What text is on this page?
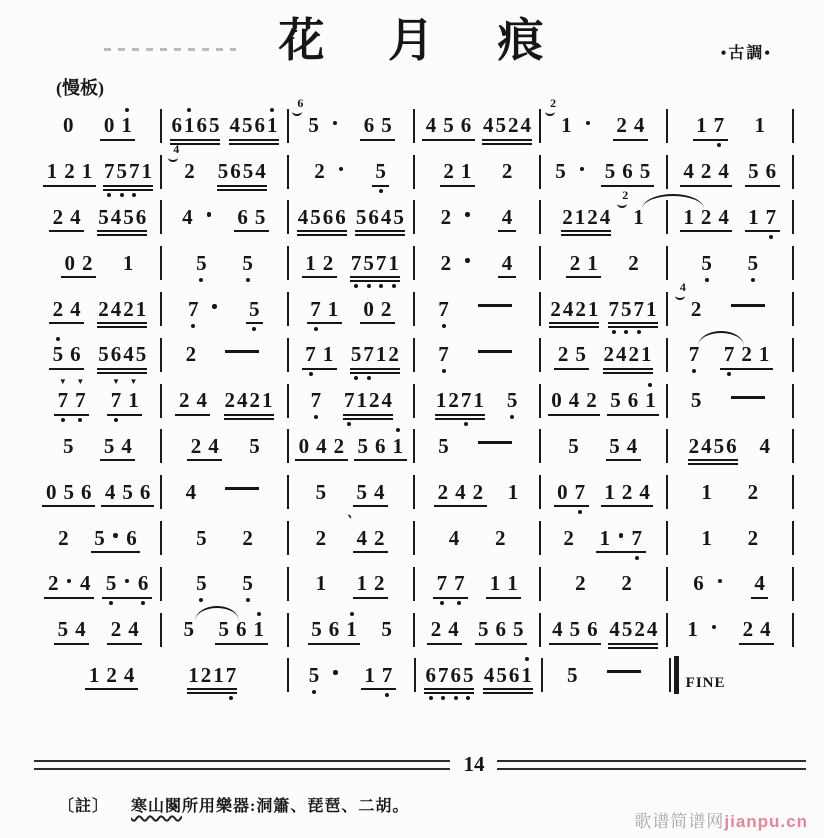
花 月 痕	•古調•
(慢板)
0 0 1 61
65 4561 5
6
6 5 4 5 6 4524 1
2
2 4 1 7 1
1 2 1 7
5
7
1 2
4
5654 2	5	2 1 2 5	5 6 5 4 2 4 5 6
2 4 5456 4	6 5 4566 5645 2	4 2124 1
2
1 2 4 1 7
0 2 1	5 5 1 2 7
5
7
1 2	4	2 1 2	5 5
2 4 2421 7	5 7 1 0 2 7	2421 7
5
7
1 2
4
5 6 5645 2	7 1 5
7
12 7	2 5 2421 7 7 2 1
7
▼
7
▼
7
▼
1
▼
2 4 2421 7 7
124 127
1 5 0 4 2 5 6 1 5
5 5 4	2 4 5 0 4 2 5 6 1 5	5 5 4 2456 4
0 5 6 4 5 6 4	5 5 4	2 4 2 1 0 7 1 2 4 1 2
2 5 6	5 2	2 4 2
‵
4 2	2 1 7	1 2
2 4 5 6 5 5	1 1 2 7 7 1 1	2 2	6	4
5 4 2 4 5 5 6 1 5 6 1 5 2 4 5 6 5 4 5 6 4524 1	2 4
1 2 4	1217	5	1 7 6
7
6
5 4561 5	FINE
14
〔註〕 寒山闋所用樂器:洞簫、琵琶、二胡。
歌谱简谱网jianpu.cn
